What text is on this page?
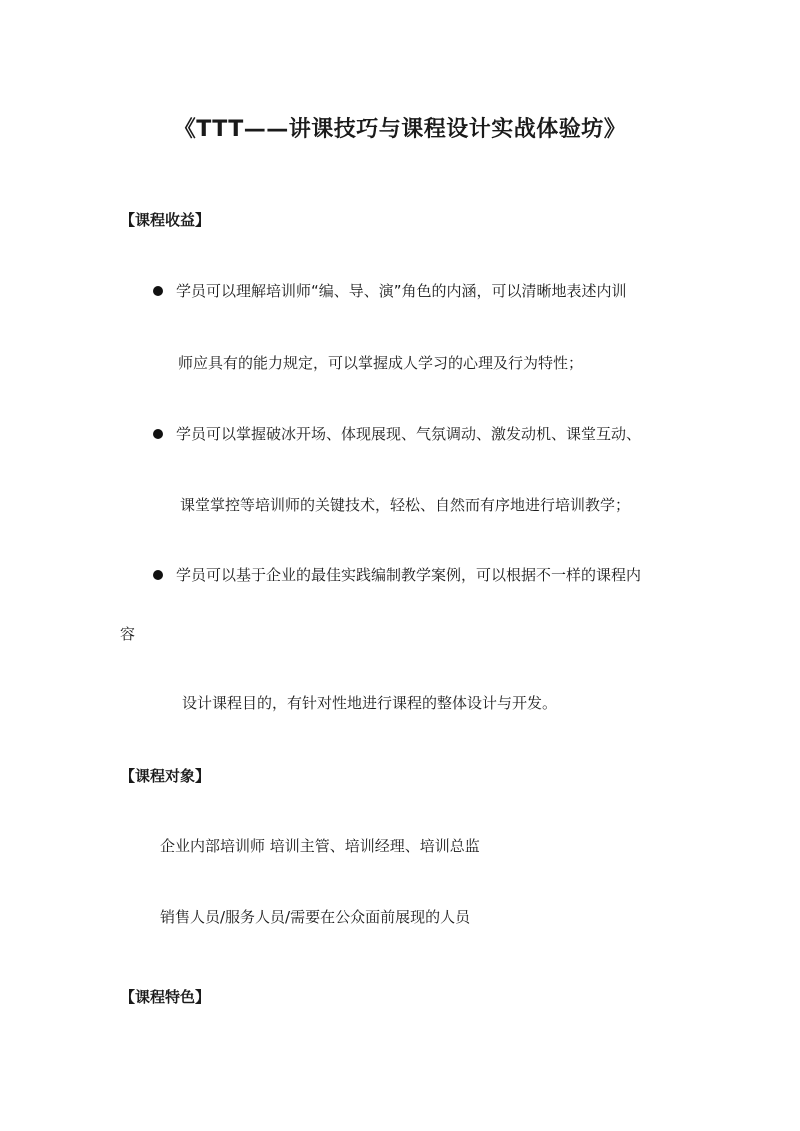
《TTT——讲课技巧与课程设计实战体验坊》
【课程收益】
学员可以理解培训师“编、导、演”角色的内涵，可以清晰地表述内训
师应具有的能力规定，可以掌握成人学习的心理及行为特性；
学员可以掌握破冰开场、体现展现、气氛调动、激发动机、课堂互动、
课堂掌控等培训师的关键技术，轻松、自然而有序地进行培训教学；
学员可以基于企业的最佳实践编制教学案例，可以根据不一样的课程内
容
设计课程目的，有针对性地进行课程的整体设计与开发。
【课程对象】
企业内部培训师 培训主管、培训经理、培训总监
销售人员/服务人员/需要在公众面前展现的人员
【课程特色】
